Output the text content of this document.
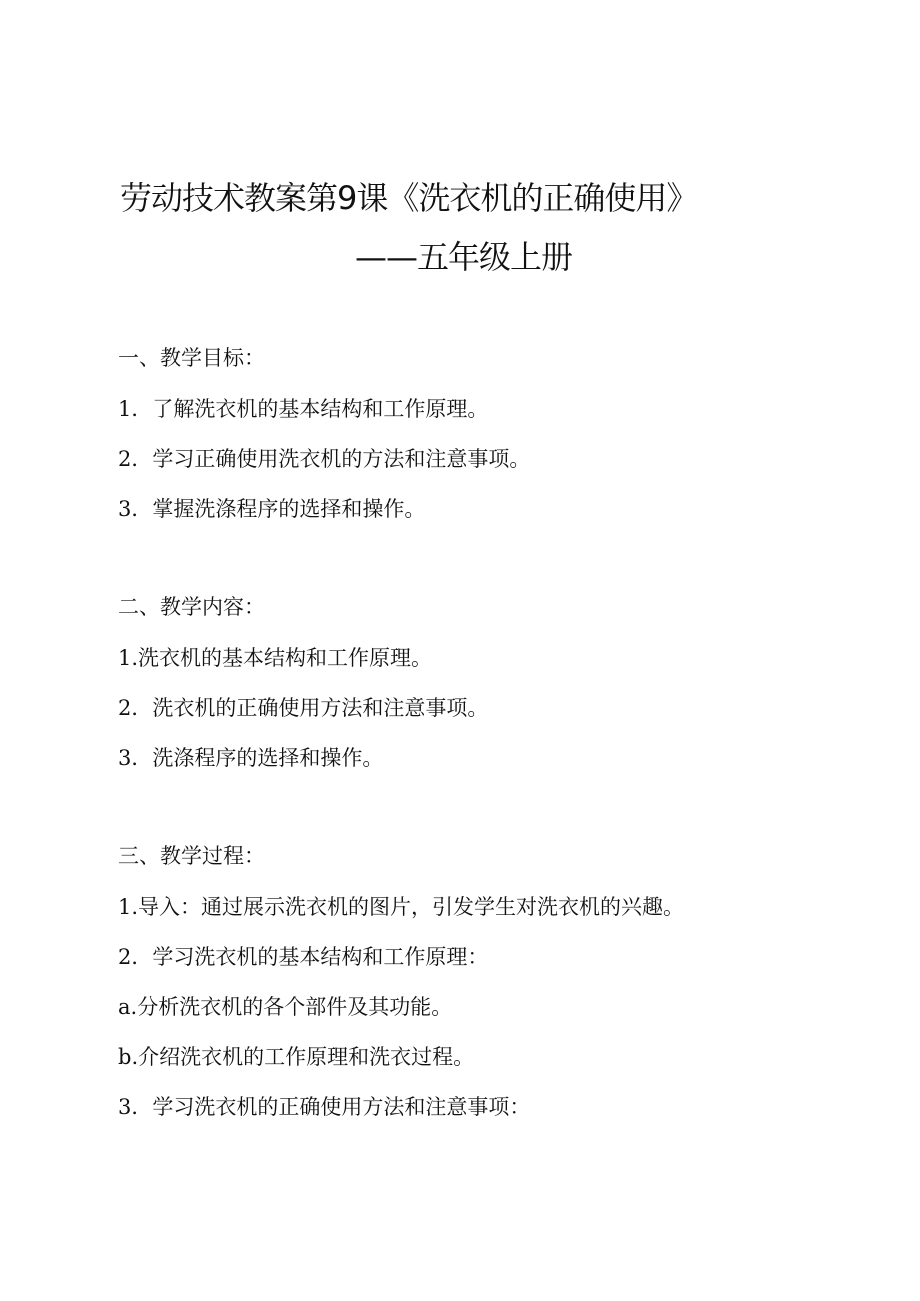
劳动技术教案第9课《洗衣机的正确使用》
——五年级上册
一、教学目标：
1．了解洗衣机的基本结构和工作原理。
2．学习正确使用洗衣机的方法和注意事项。
3．掌握洗涤程序的选择和操作。
二、教学内容：
1.洗衣机的基本结构和工作原理。
2．洗衣机的正确使用方法和注意事项。
3．洗涤程序的选择和操作。
三、教学过程：
1.导入：通过展示洗衣机的图片，引发学生对洗衣机的兴趣。
2．学习洗衣机的基本结构和工作原理：
a.分析洗衣机的各个部件及其功能。
b.介绍洗衣机的工作原理和洗衣过程。
3．学习洗衣机的正确使用方法和注意事项：
